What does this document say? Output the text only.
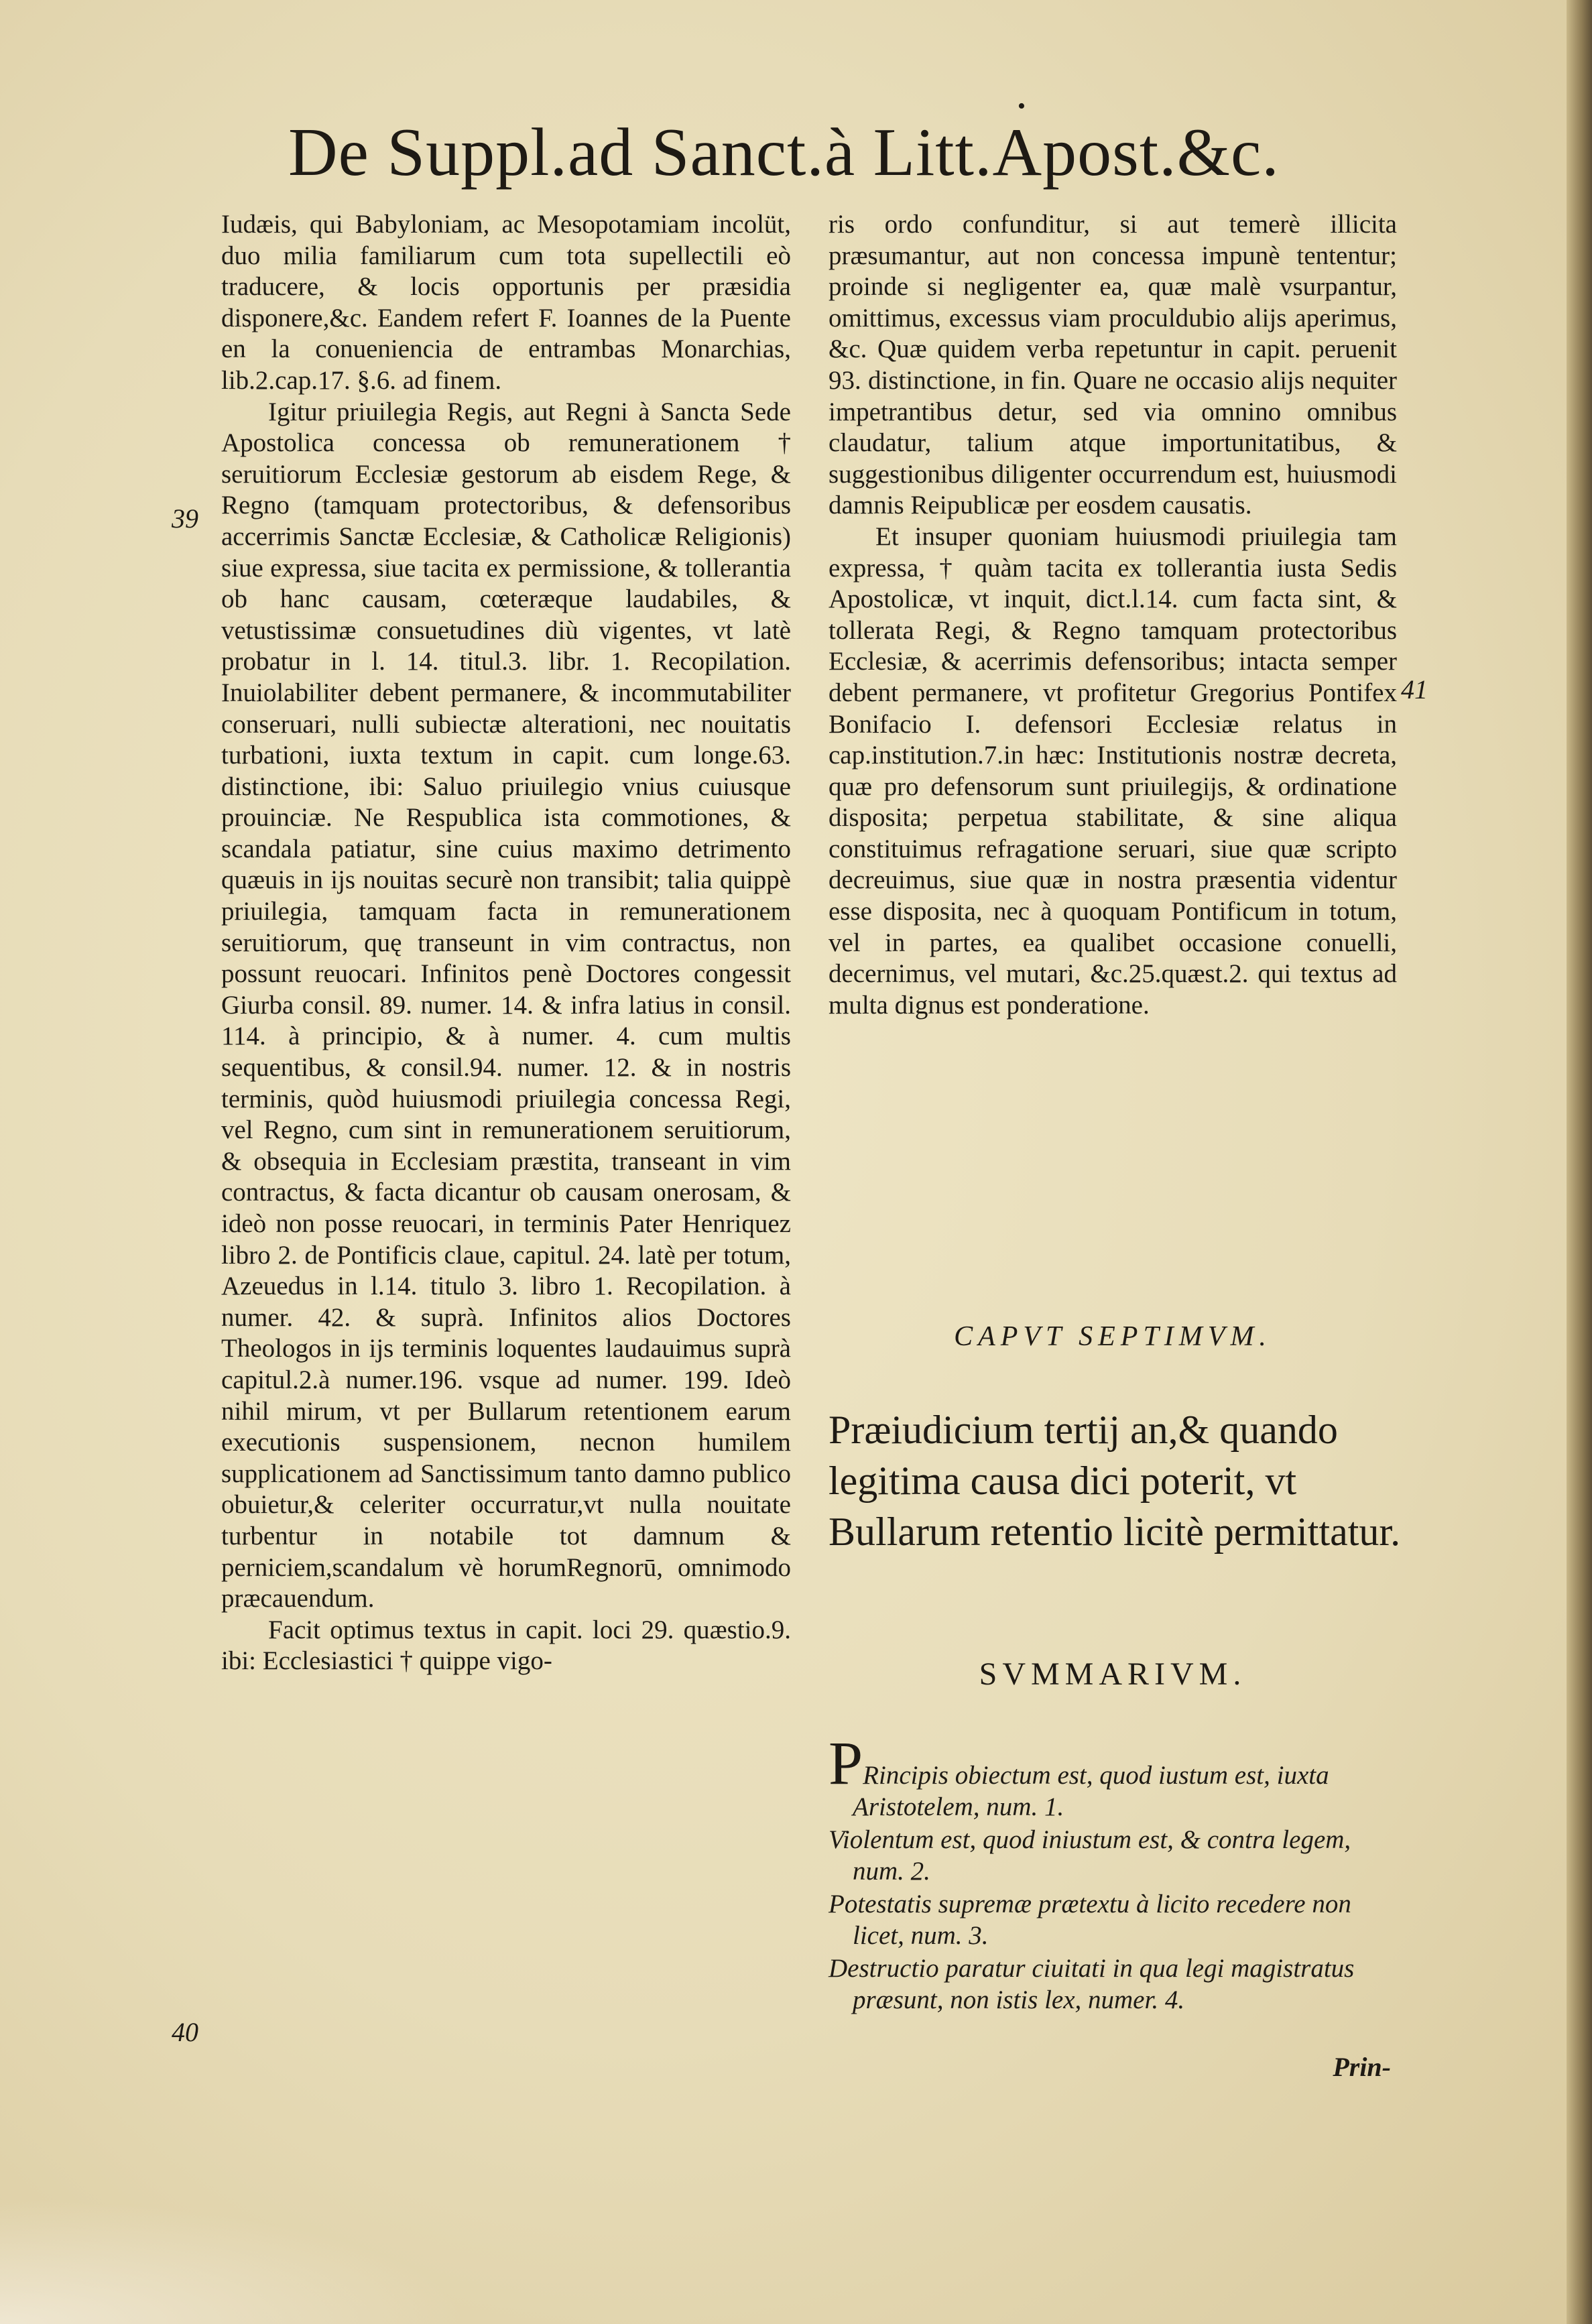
•
De Suppl.ad Sanct.à Litt.Apost.&c.

Iudæis, qui Babyloniam, ac Mesopotamiam incolüt, duo milia familiarum cum tota supellectili eò traducere, & locis opportunis per præsidia disponere,&c. Eandem refert F. Ioannes de la Puente en la conueniencia de entrambas Monarchias, lib.2.cap.17. §.6. ad finem.

Igitur priuilegia Regis, aut Regni à Sancta Sede Apostolica concessa ob remunerationem † seruitiorum Ecclesiæ gestorum ab eisdem Rege, & Regno (tamquam protectoribus, & defensoribus accerrimis Sanctæ Ecclesiæ, & Catholicæ Religionis) siue expressa, siue tacita ex permissione, & tollerantia ob hanc causam, cœteræque laudabiles, & vetustissimæ consuetudines diù vigentes, vt latè probatur in l. 14. titul.3. libr. 1. Recopilation. Inuiolabiliter debent permanere, & incommutabiliter conseruari, nulli subiectæ alterationi, nec nouitatis turbationi, iuxta textum in capit. cum longe.63. distinctione, ibi: Saluo priuilegio vnius cuiusque prouinciæ. Ne Respublica ista commotiones, & scandala patiatur, sine cuius maximo detrimento quæuis in ijs nouitas securè non transibit; talia quippè priuilegia, tamquam facta in remunerationem seruitiorum, quę transeunt in vim contractus, non possunt reuocari. Infinitos penè Doctores congessit Giurba consil. 89. numer. 14. & infra latius in consil. 114. à principio, & à numer. 4. cum multis sequentibus, & consil.94. numer. 12. & in nostris terminis, quòd huiusmodi priuilegia concessa Regi, vel Regno, cum sint in remunerationem seruitiorum, & obsequia in Ecclesiam præstita, transeant in vim contractus, & facta dicantur ob causam onerosam, & ideò non posse reuocari, in terminis Pater Henriquez libro 2. de Pontificis claue, capitul. 24. latè per totum, Azeuedus in l.14. titulo 3. libro 1. Recopilation. à numer. 42. & suprà. Infinitos alios Doctores Theologos in ijs terminis loquentes laudauimus suprà capitul.2.à numer.196. vsque ad numer. 199. Ideò nihil mirum, vt per Bullarum retentionem earum executionis suspensionem, necnon humilem supplicationem ad Sanctissimum tanto damno publico obuietur,& celeriter occurratur,vt nulla nouitate turbentur in notabile tot damnum & perniciem,scandalum vè horumRegnorū, omnimodo præcauendum.

Facit optimus textus in capit. loci 29. quæstio.9. ibi: Ecclesiastici † quippe vigo-

39
40
41

ris ordo confunditur, si aut temerè illicita præsumantur, aut non concessa impunè tententur; proinde si negligenter ea, quæ malè vsurpantur, omittimus, excessus viam proculdubio alijs aperimus, &c. Quæ quidem verba repetuntur in capit. peruenit 93. distinctione, in fin. Quare ne occasio alijs nequiter impetrantibus detur, sed via omnino omnibus claudatur, talium atque importunitatibus, & suggestionibus diligenter occurrendum est, huiusmodi damnis Reipublicæ per eosdem causatis.

Et insuper quoniam huiusmodi priuilegia tam expressa, † quàm tacita ex tollerantia iusta Sedis Apostolicæ, vt inquit, dict.l.14. cum facta sint, & tollerata Regi, & Regno tamquam protectoribus Ecclesiæ, & acerrimis defensoribus; intacta semper debent permanere, vt profitetur Gregorius Pontifex Bonifacio I. defensori Ecclesiæ relatus in cap.institution.7.in hæc: Institutionis nostræ decreta, quæ pro defensorum sunt priuilegijs, & ordinatione disposita; perpetua stabilitate, & sine aliqua constituimus refragatione seruari, siue quæ scripto decreuimus, siue quæ in nostra præsentia videntur esse disposita, nec à quoquam Pontificum in totum, vel in partes, ea qualibet occasione conuelli, decernimus, vel mutari, &c.25.quæst.2. qui textus ad multa dignus est ponderatione.

CAPVT SEPTIMVM.
Præiudicium tertij an,& quando legitima causa dici poterit, vt Bullarum retentio licitè permittatur.
SVMMARIVM.

PRincipis obiectum est, quod iustum est, iuxta Aristotelem, num. 1.

Violentum est, quod iniustum est, & contra legem, num. 2.

Potestatis supremæ prætextu à licito recedere non licet, num. 3.

Destructio paratur ciuitati in qua legi magistratus præsunt, non istis lex, numer. 4.

Prin-
